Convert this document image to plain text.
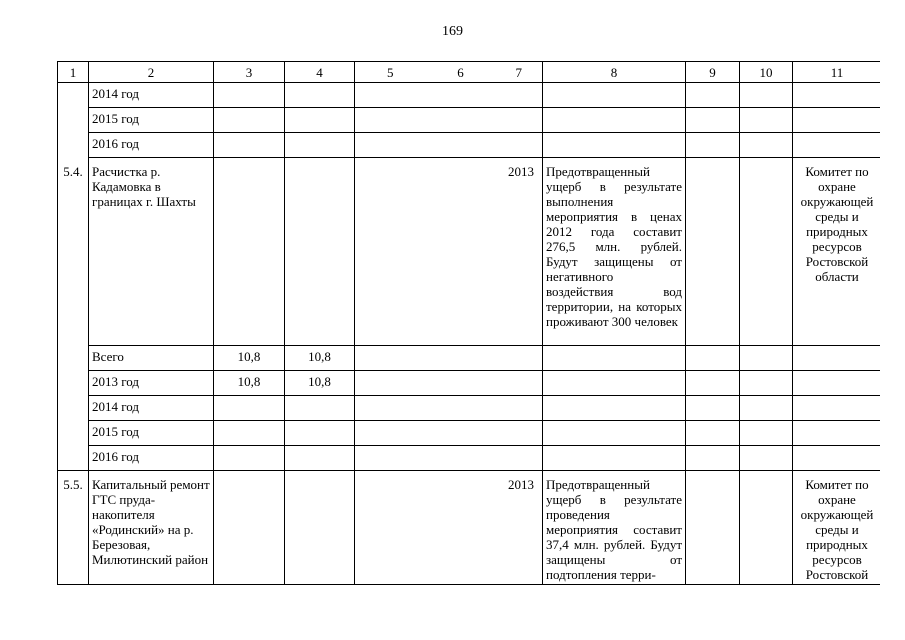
169
1	2	3	4	5	6	7	8	9	10	11
	2014 год									
	2015 год									
	2016 год									
5.4.	Расчистка р. Кадамовка в границах г. Шахты					2013	Предотвращенный ущерб в результате выполнения мероприятия в ценах 2012 года составит 276,5 млн. рублей. Будут защищены от негативного воздействия вод территории, на которых проживают 300 человек			Комитет по охране окружающей среды и природных ресурсов Ростовской области
	Всего	10,8	10,8							
	2013 год	10,8	10,8							
	2014 год									
	2015 год									
	2016 год									
5.5.	Капитальный ремонт ГТС пруда-накопителя «Родинский» на р. Березовая, Милютинский район					2013	Предотвращенный ущерб в результате проведения мероприятия составит 37,4 млн. рублей. Будут защищены от подтопления терри-			Комитет по охране окружающей среды и природных ресурсов Ростовской
